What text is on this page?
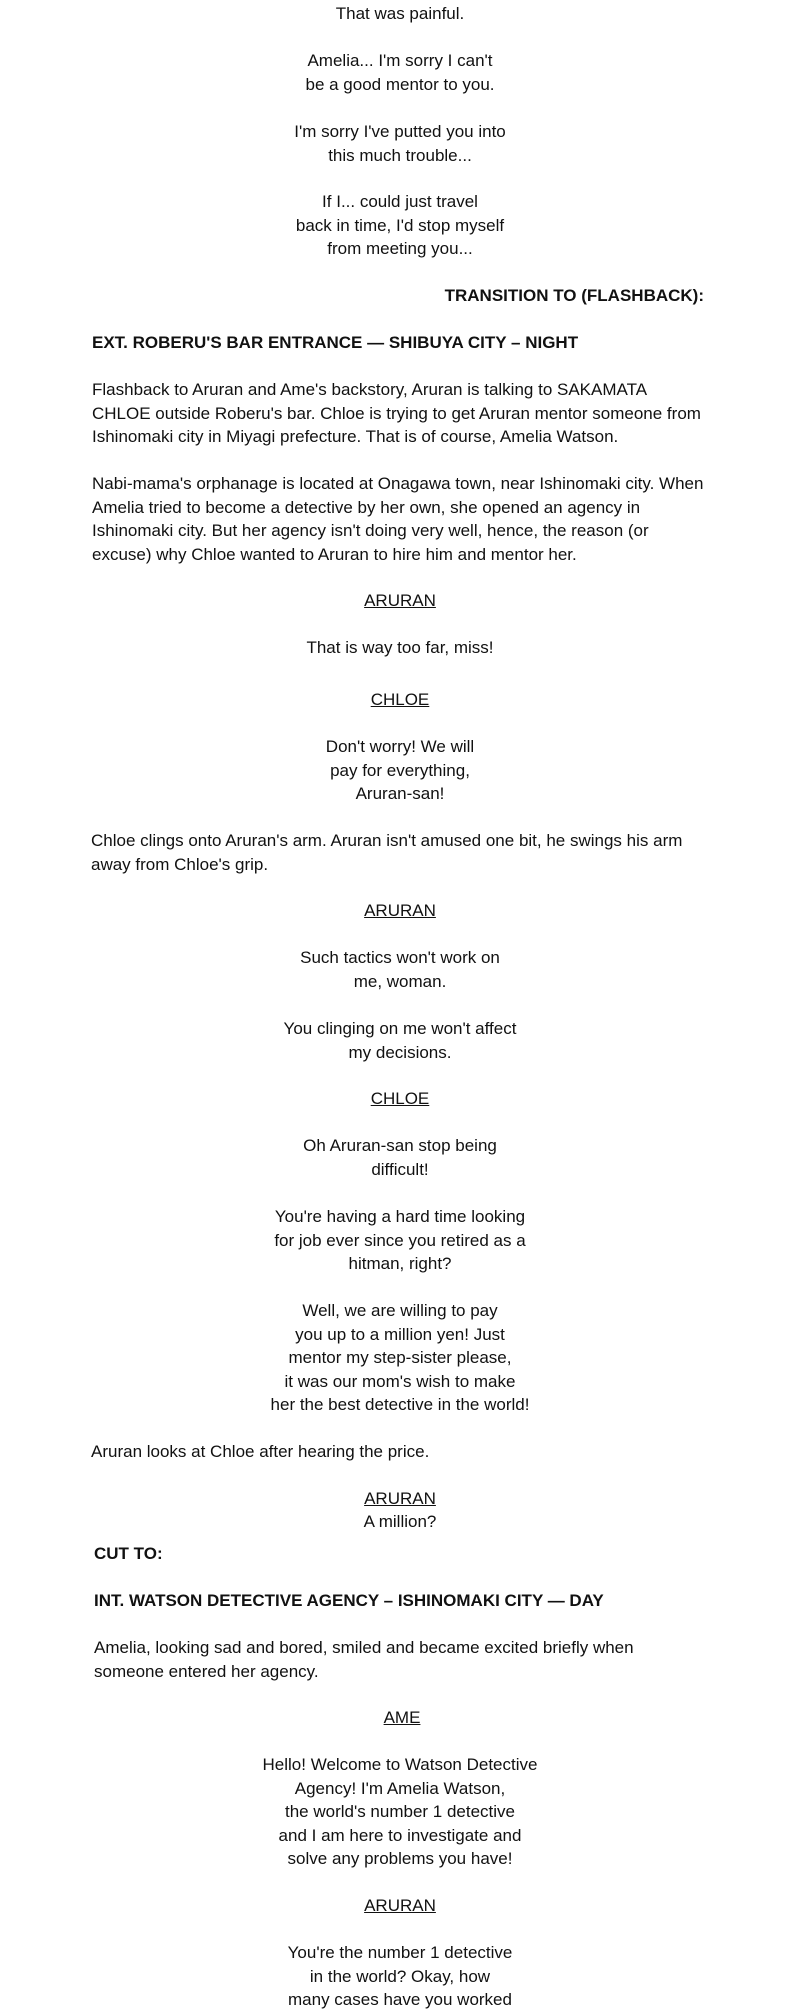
That was painful.
Amelia... I'm sorry I can't
be a good mentor to you.
I'm sorry I've putted you into
this much trouble...
If I... could just travel
back in time, I'd stop myself
from meeting you...
TRANSITION TO (FLASHBACK):
EXT. ROBERU'S BAR ENTRANCE — SHIBUYA CITY – NIGHT
Flashback to Aruran and Ame's backstory, Aruran is talking to SAKAMATA CHLOE outside Roberu's bar. Chloe is trying to get Aruran mentor someone from Ishinomaki city in Miyagi prefecture. That is of course, Amelia Watson.
Nabi-mama's orphanage is located at Onagawa town, near Ishinomaki city. When Amelia tried to become a detective by her own, she opened an agency in Ishinomaki city. But her agency isn't doing very well, hence, the reason (or excuse) why Chloe wanted to Aruran to hire him and mentor her.
ARURAN
That is way too far, miss!
CHLOE
Don't worry! We will
pay for everything,
Aruran-san!
Chloe clings onto Aruran's arm. Aruran isn't amused one bit, he swings his arm away from Chloe's grip.
ARURAN
Such tactics won't work on
me, woman.
You clinging on me won't affect
my decisions.
CHLOE
Oh Aruran-san stop being
difficult!
You're having a hard time looking
for job ever since you retired as a
hitman, right?
Well, we are willing to pay
you up to a million yen! Just
mentor my step-sister please,
it was our mom's wish to make
her the best detective in the world!
Aruran looks at Chloe after hearing the price.
ARURAN
A million?
CUT TO:
INT. WATSON DETECTIVE AGENCY – ISHINOMAKI CITY — DAY
Amelia, looking sad and bored, smiled and became excited briefly when someone entered her agency.
AME
Hello! Welcome to Watson Detective
Agency! I'm Amelia Watson,
the world's number 1 detective
and I am here to investigate and
solve any problems you have!
ARURAN
You're the number 1 detective
in the world? Okay, how
many cases have you worked
